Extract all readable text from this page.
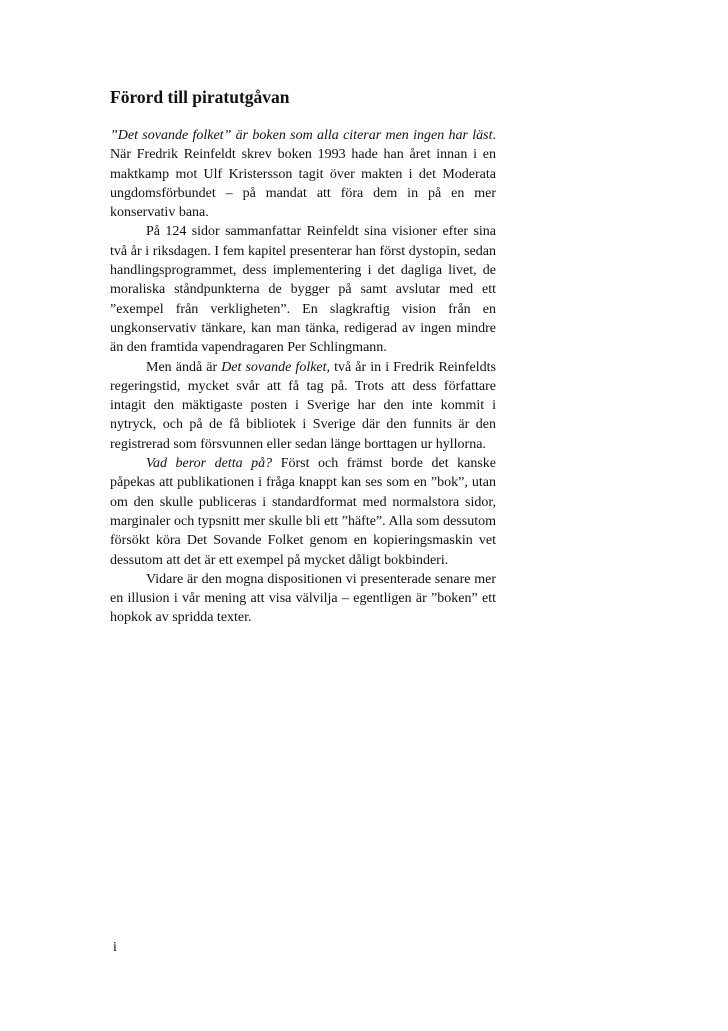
Förord till piratutgåvan

”Det sovande folket” är boken som alla citerar men ingen har läst. När Fredrik Reinfeldt skrev boken 1993 hade han året innan i en maktkamp mot Ulf Kristersson tagit över makten i det Moderata ungdomsförbundet – på mandat att föra dem in på en mer konservativ bana.

På 124 sidor sammanfattar Reinfeldt sina visioner efter sina två år i riksdagen. I fem kapitel presenterar han först dystopin, sedan handlingsprogrammet, dess implementering i det dagliga livet, de moraliska ståndpunkterna de bygger på samt avslutar med ett ”exempel från verkligheten”. En slagkraftig vision från en ungkonservativ tänkare, kan man tänka, redigerad av ingen mindre än den framtida vapendragaren Per Schlingmann.

Men ändå är Det sovande folket, två år in i Fredrik Reinfeldts regeringstid, mycket svår att få tag på. Trots att dess författare intagit den mäktigaste posten i Sverige har den inte kommit i nytryck, och på de få bibliotek i Sverige där den funnits är den registrerad som försvunnen eller sedan länge borttagen ur hyllorna.

Vad beror detta på? Först och främst borde det kanske påpekas att publikationen i fråga knappt kan ses som en ”bok”, utan om den skulle publiceras i standardformat med normalstora sidor, marginaler och typsnitt mer skulle bli ett ”häfte”. Alla som dessutom försökt köra Det Sovande Folket genom en kopieringsmaskin vet dessutom att det är ett exempel på mycket dåligt bokbinderi.

Vidare är den mogna dispositionen vi presenterade senare mer en illusion i vår mening att visa välvilja – egentligen är ”boken” ett hopkok av spridda texter.

i
